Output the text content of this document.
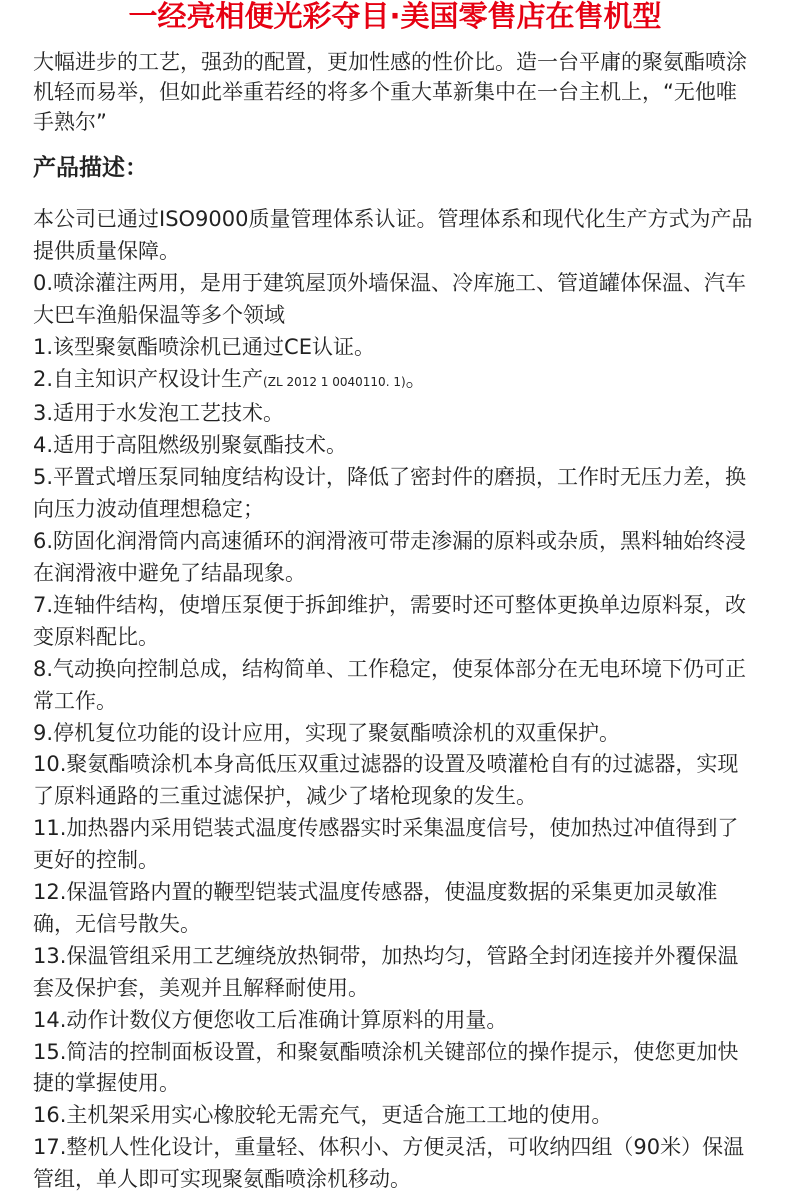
一经亮相便光彩夺目·美国零售店在售机型

大幅进步的工艺，强劲的配置，更加性感的性价比。造一台平庸的聚氨酯喷涂机轻而易举，但如此举重若经的将多个重大革新集中在一台主机上，“无他唯手熟尔”

产品描述：

本公司已通过ISO9000质量管理体系认证。管理体系和现代化生产方式为产品提供质量保障。

0.喷涂灌注两用，是用于建筑屋顶外墙保温、冷库施工、管道罐体保温、汽车大巴车渔船保温等多个领域

1.该型聚氨酯喷涂机已通过CE认证。

2.自主知识产权设计生产(ZL 2012 1 0040110. 1)。

3.适用于水发泡工艺技术。

4.适用于高阻燃级别聚氨酯技术。

5.平置式增压泵同轴度结构设计，降低了密封件的磨损，工作时无压力差，换向压力波动值理想稳定；

6.防固化润滑筒内高速循环的润滑液可带走渗漏的原料或杂质，黑料轴始终浸在润滑液中避免了结晶现象。

7.连轴件结构，使增压泵便于拆卸维护，需要时还可整体更换单边原料泵，改变原料配比。

8.气动换向控制总成，结构简单、工作稳定，使泵体部分在无电环境下仍可正常工作。

9.停机复位功能的设计应用，实现了聚氨酯喷涂机的双重保护。

10.聚氨酯喷涂机本身高低压双重过滤器的设置及喷灌枪自有的过滤器，实现了原料通路的三重过滤保护，减少了堵枪现象的发生。

11.加热器内采用铠装式温度传感器实时采集温度信号，使加热过冲值得到了更好的控制。

12.保温管路内置的鞭型铠装式温度传感器，使温度数据的采集更加灵敏准确，无信号散失。

13.保温管组采用工艺缠绕放热铜带，加热均匀，管路全封闭连接并外覆保温套及保护套，美观并且解释耐使用。

14.动作计数仪方便您收工后准确计算原料的用量。

15.简洁的控制面板设置，和聚氨酯喷涂机关键部位的操作提示，使您更加快捷的掌握使用。

16.主机架采用实心橡胶轮无需充气，更适合施工工地的使用。

17.整机人性化设计，重量轻、体积小、方便灵活，可收纳四组（90米）保温管组，单人即可实现聚氨酯喷涂机移动。
